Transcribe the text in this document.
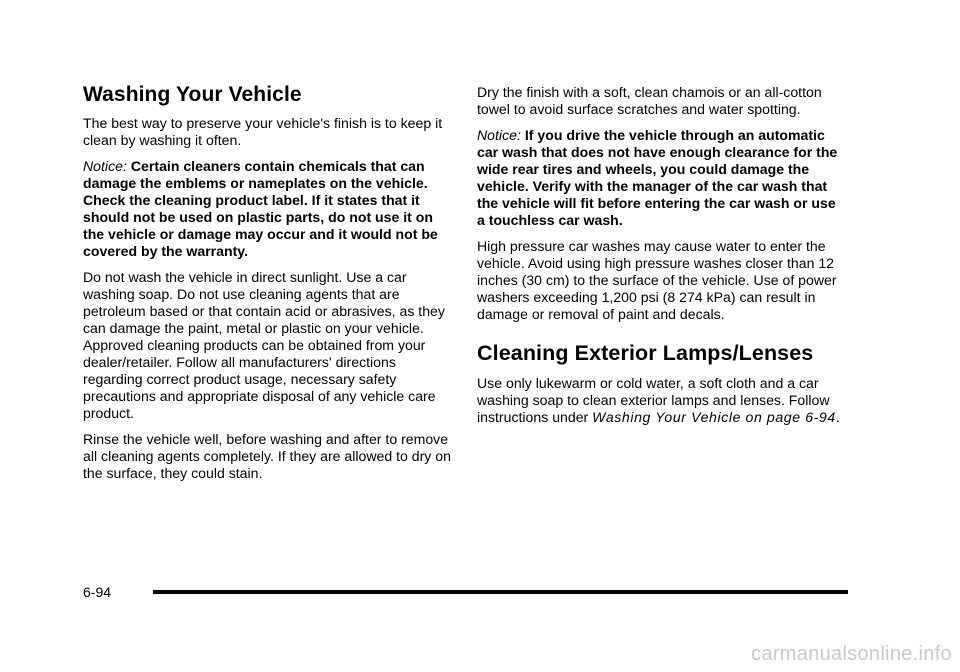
Washing Your Vehicle

The best way to preserve your vehicle's finish is to keep it clean by washing it often.

Notice: Certain cleaners contain chemicals that can damage the emblems or nameplates on the vehicle. Check the cleaning product label. If it states that it should not be used on plastic parts, do not use it on the vehicle or damage may occur and it would not be covered by the warranty.

Do not wash the vehicle in direct sunlight. Use a car washing soap. Do not use cleaning agents that are petroleum based or that contain acid or abrasives, as they can damage the paint, metal or plastic on your vehicle. Approved cleaning products can be obtained from your dealer/retailer. Follow all manufacturers' directions regarding correct product usage, necessary safety precautions and appropriate disposal of any vehicle care product.

Rinse the vehicle well, before washing and after to remove all cleaning agents completely. If they are allowed to dry on the surface, they could stain.

Dry the finish with a soft, clean chamois or an all-cotton towel to avoid surface scratches and water spotting.

Notice: If you drive the vehicle through an automatic car wash that does not have enough clearance for the wide rear tires and wheels, you could damage the vehicle. Verify with the manager of the car wash that the vehicle will fit before entering the car wash or use a touchless car wash.

High pressure car washes may cause water to enter the vehicle. Avoid using high pressure washes closer than 12 inches (30 cm) to the surface of the vehicle. Use of power washers exceeding 1,200 psi (8 274 kPa) can result in damage or removal of paint and decals.

Cleaning Exterior Lamps/Lenses

Use only lukewarm or cold water, a soft cloth and a car washing soap to clean exterior lamps and lenses. Follow instructions under Washing Your Vehicle on page 6-94.

6-94
carmanualsonline.info
